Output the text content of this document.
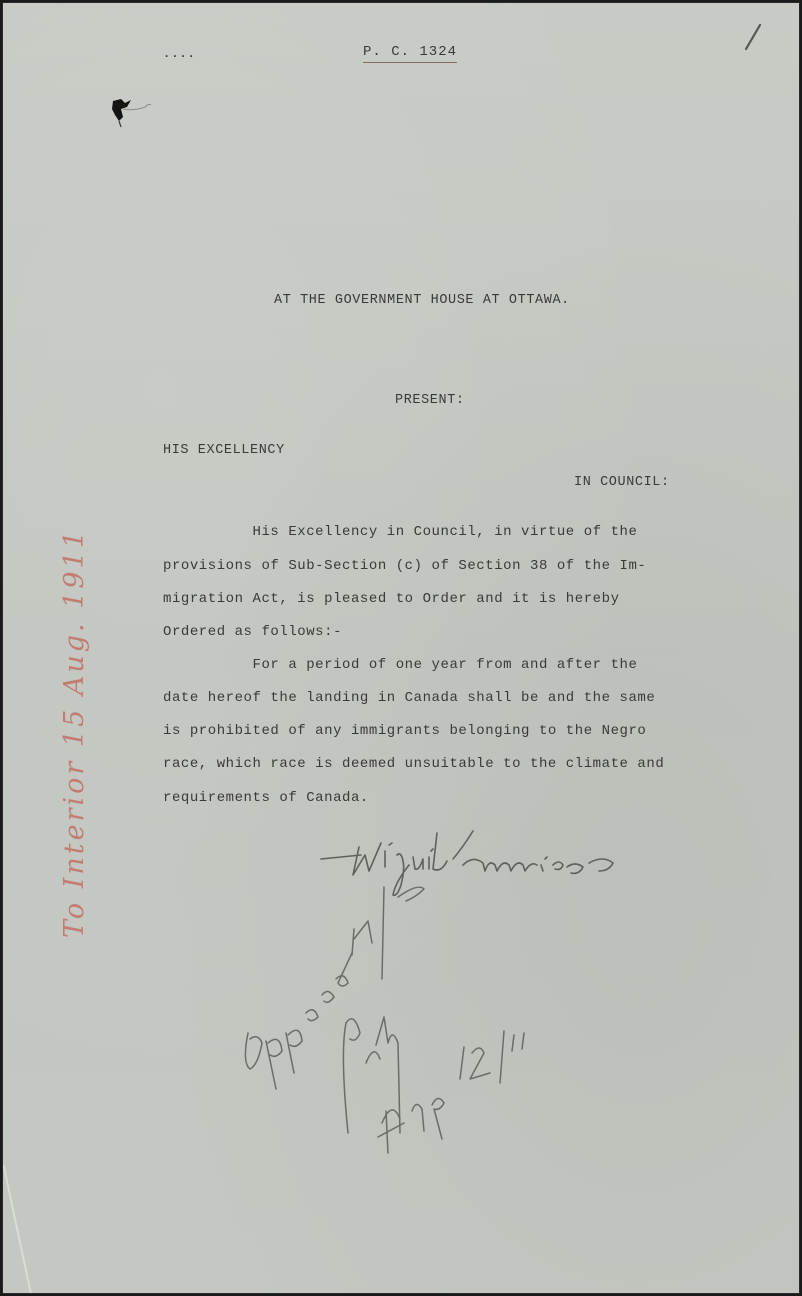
....	P. C. 1324
AT THE GOVERNMENT HOUSE AT OTTAWA.
PRESENT:
HIS EXCELLENCY
IN COUNCIL:
His Excellency in Council, in virtue of the
provisions of Sub-Section (c) of Section 38 of the Im-
migration Act, is pleased to Order and it is hereby
Ordered as follows:-
For a period of one year from and after the
date hereof the landing in Canada shall be and the same
is prohibited of any immigrants belonging to the Negro
race, which race is deemed unsuitable to the climate and
requirements of Canada.
To Interior 15 Aug. 1911
